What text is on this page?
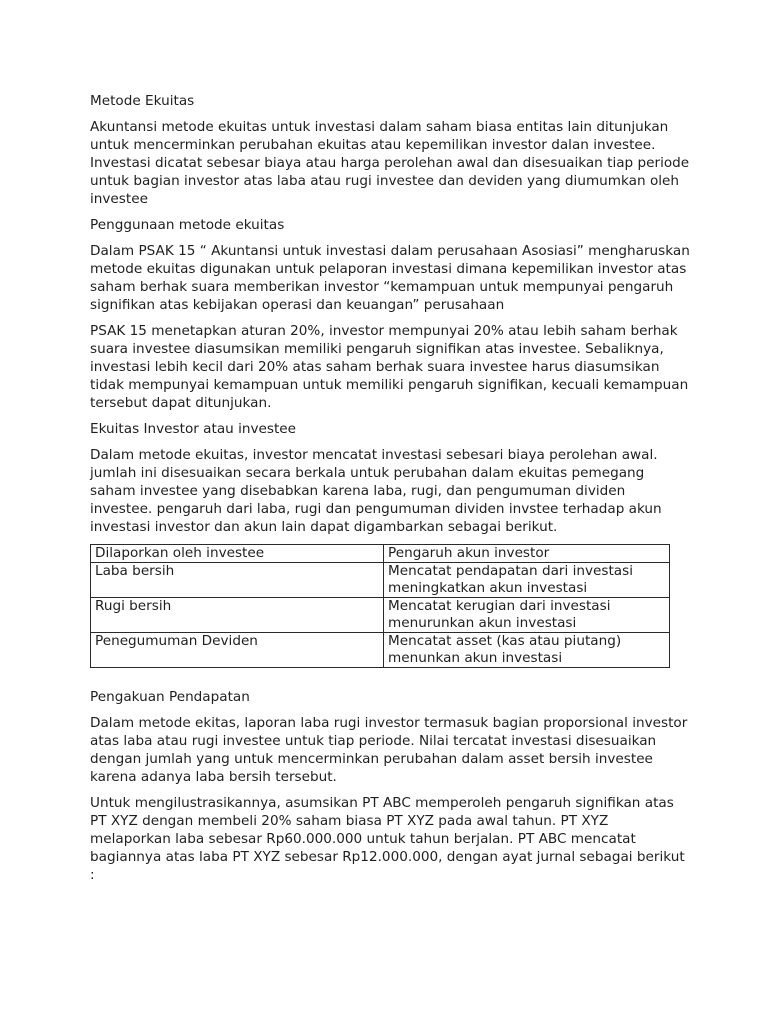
Metode Ekuitas

Akuntansi metode ekuitas untuk investasi dalam saham biasa entitas lain ditunjukan untuk mencerminkan perubahan ekuitas atau kepemilikan investor dalan investee. Investasi dicatat sebesar biaya atau harga perolehan awal dan disesuaikan tiap periode untuk bagian investor atas laba atau rugi investee dan deviden yang diumumkan oleh investee

Penggunaan metode ekuitas

Dalam PSAK 15 “ Akuntansi untuk investasi dalam perusahaan Asosiasi” mengharuskan metode ekuitas digunakan untuk pelaporan investasi dimana kepemilikan investor atas saham berhak suara memberikan investor “kemampuan untuk mempunyai pengaruh signifikan atas kebijakan operasi dan keuangan” perusahaan

PSAK 15 menetapkan aturan 20%, investor mempunyai 20% atau lebih saham berhak suara investee diasumsikan memiliki pengaruh signifikan atas investee. Sebaliknya, investasi lebih kecil dari 20% atas saham berhak suara investee harus diasumsikan tidak mempunyai kemampuan untuk memiliki pengaruh signifikan, kecuali kemampuan tersebut dapat ditunjukan.

Ekuitas Investor atau investee

Dalam metode ekuitas, investor mencatat investasi sebesari biaya perolehan awal. jumlah ini disesuaikan secara berkala untuk perubahan dalam ekuitas pemegang saham investee yang disebabkan karena laba, rugi, dan pengumuman dividen investee. pengaruh dari laba, rugi dan pengumuman dividen invstee terhadap akun investasi investor dan akun lain dapat digambarkan sebagai berikut.

Dilaporkan oleh investee	Pengaruh akun investor
Laba bersih	Mencatat pendapatan dari investasi meningkatkan akun investasi
Rugi bersih	Mencatat kerugian dari investasi menurunkan akun investasi
Penegumuman Deviden	Mencatat asset (kas atau piutang) menunkan akun investasi

Pengakuan Pendapatan

Dalam metode ekitas, laporan laba rugi investor termasuk bagian proporsional investor atas laba atau rugi investee untuk tiap periode. Nilai tercatat investasi disesuaikan dengan jumlah yang untuk mencerminkan perubahan dalam asset bersih investee karena adanya laba bersih tersebut.

Untuk mengilustrasikannya, asumsikan PT ABC memperoleh pengaruh signifikan atas PT XYZ dengan membeli 20% saham biasa PT XYZ pada awal tahun. PT XYZ melaporkan laba sebesar Rp60.000.000 untuk tahun berjalan. PT ABC mencatat bagiannya atas laba PT XYZ sebesar Rp12.000.000, dengan ayat jurnal sebagai berikut :
